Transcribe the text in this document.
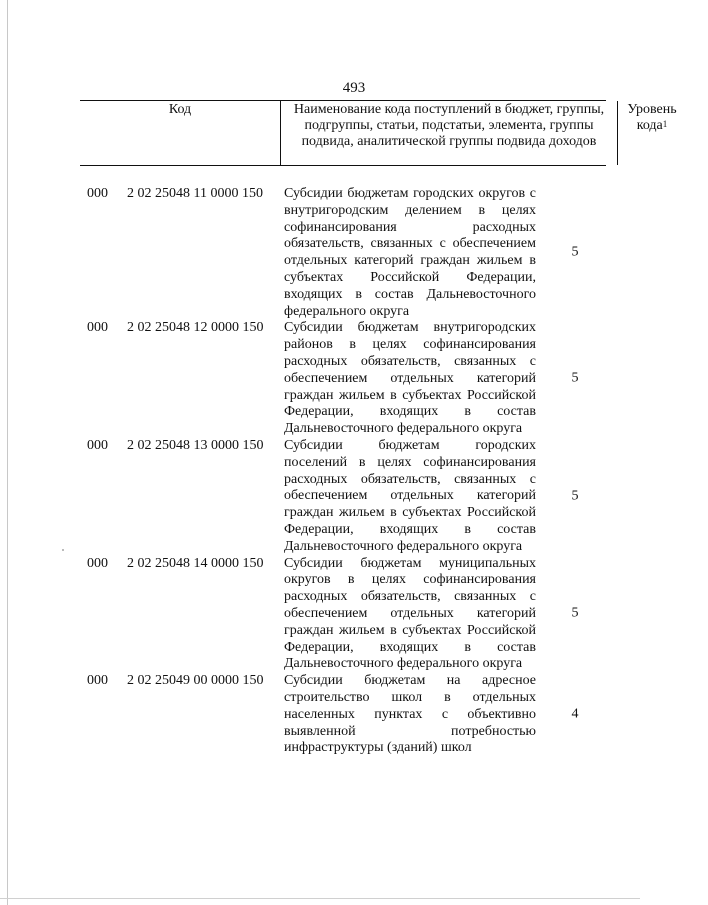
493
Код	Наименование кода поступлений в бюджет, группы, подгруппы, статьи, подстатьи, элемента, группы подвида, аналитической группы подвида доходов
Уровень кода$^1$
000 2 02 25048 11 0000 150 Субсидии бюджетам городских округов с внутригородским делением в целях софинансирования расходных обязательств, связанных с обеспечением отдельных категорий граждан жильем в субъектах Российской Федерации, входящих в состав Дальневосточного федерального округа
5
000 2 02 25048 12 0000 150 Субсидии бюджетам внутригородских районов в целях софинансирования расходных обязательств, связанных с обеспечением отдельных категорий граждан жильем в субъектах Российской Федерации, входящих в состав Дальневосточного федерального округа
5
000 2 02 25048 13 0000 150 Субсидии бюджетам городских поселений в целях софинансирования расходных обязательств, связанных с обеспечением отдельных категорий граждан жильем в субъектах Российской Федерации, входящих в состав Дальневосточного федерального округа
5
000 2 02 25048 14 0000 150 Субсидии бюджетам муниципальных округов в целях софинансирования расходных обязательств, связанных с обеспечением отдельных категорий граждан жильем в субъектах Российской Федерации, входящих в состав Дальневосточного федерального округа
5
000 2 02 25049 00 0000 150 Субсидии бюджетам на адресное строительство школ в отдельных населенных пунктах с объективно выявленной потребностью инфраструктуры (зданий) школ
4
